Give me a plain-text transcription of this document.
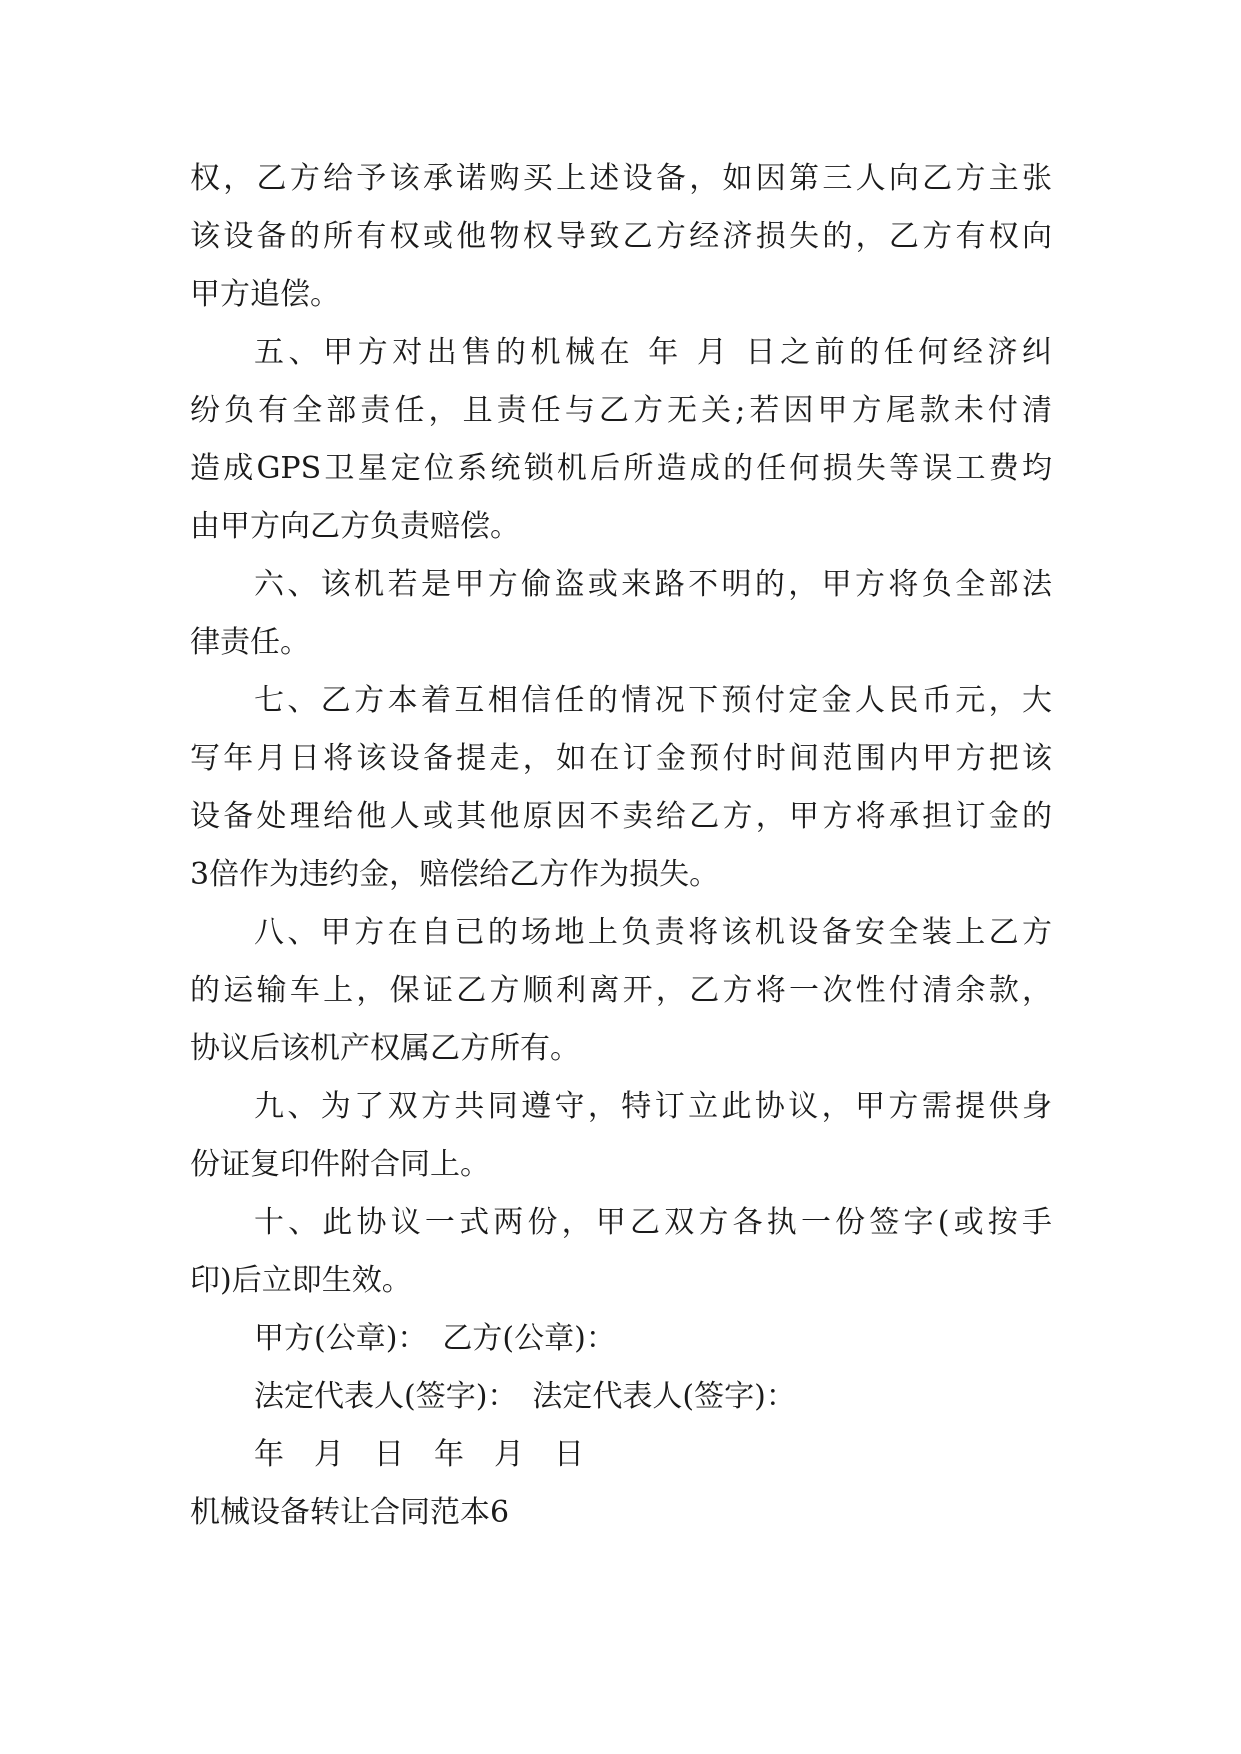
权，乙方给予该承诺购买上述设备，如因第三人向乙方主张
该设备的所有权或他物权导致乙方经济损失的，乙方有权向
甲方追偿。
五、甲方对出售的机械在 年 月 日之前的任何经济纠
纷负有全部责任，且责任与乙方无关;若因甲方尾款未付清
造成GPS卫星定位系统锁机后所造成的任何损失等误工费均
由甲方向乙方负责赔偿。
六、该机若是甲方偷盗或来路不明的，甲方将负全部法
律责任。
七、乙方本着互相信任的情况下预付定金人民币元，大
写年月日将该设备提走，如在订金预付时间范围内甲方把该
设备处理给他人或其他原因不卖给乙方，甲方将承担订金的
3倍作为违约金，赔偿给乙方作为损失。
八、甲方在自已的场地上负责将该机设备安全装上乙方
的运输车上，保证乙方顺利离开，乙方将一次性付清余款，
协议后该机产权属乙方所有。
九、为了双方共同遵守，特订立此协议，甲方需提供身
份证复印件附合同上。
十、此协议一式两份，甲乙双方各执一份签字(或按手
印)后立即生效。
甲方(公章)：　乙方(公章)：
法定代表人(签字)：　法定代表人(签字)：
年　月　日　年　月　日
机械设备转让合同范本6
